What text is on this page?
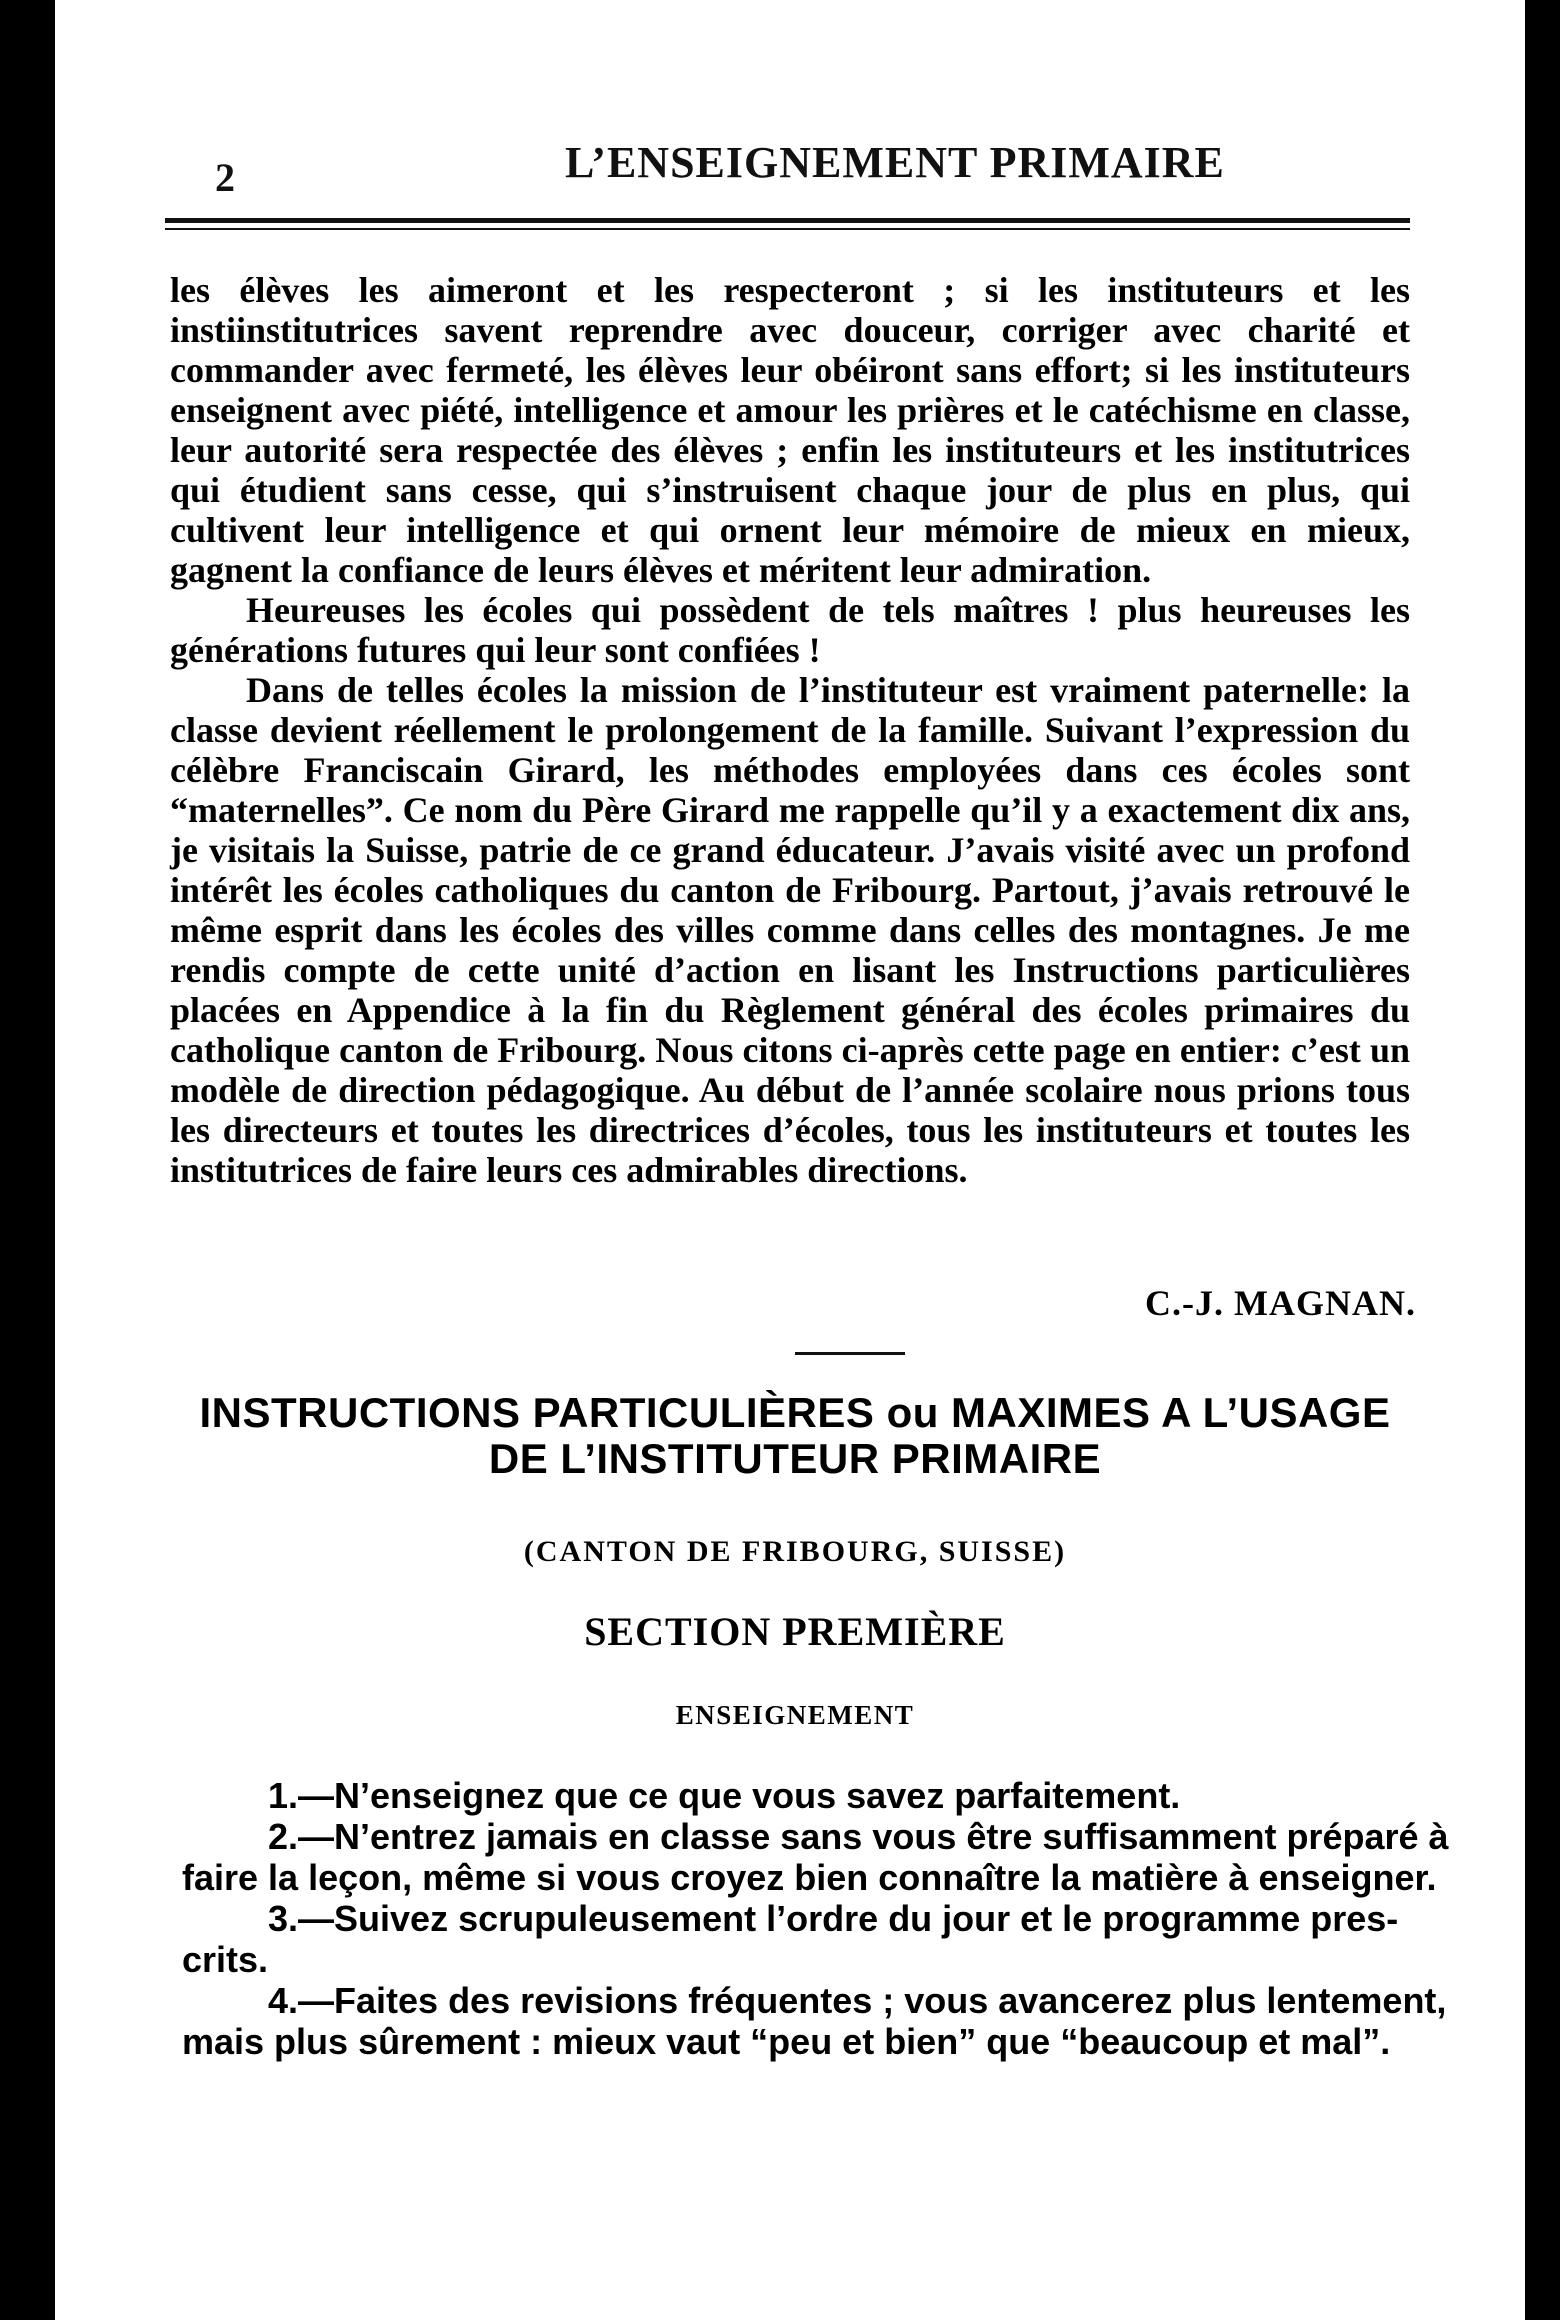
2	L’ENSEIGNEMENT PRIMAIRE

les élèves les aimeront et les respecteront ; si les instituteurs et les instiinstitutrices savent reprendre avec douceur, corriger avec charité et commander avec fermeté, les élèves leur obéiront sans effort; si les instituteurs enseignent avec piété, intelligence et amour les prières et le catéchisme en classe, leur autorité sera respectée des élèves ; enfin les instituteurs et les institutrices qui étudient sans cesse, qui s’instruisent chaque jour de plus en plus, qui cultivent leur intelligence et qui ornent leur mémoire de mieux en mieux, gagnent la confiance de leurs élèves et méritent leur admiration.

Heureuses les écoles qui possèdent de tels maîtres ! plus heureuses les générations futures qui leur sont confiées !

Dans de telles écoles la mission de l’instituteur est vraiment paternelle: la classe devient réellement le prolongement de la famille. Suivant l’expression du célèbre Franciscain Girard, les méthodes employées dans ces écoles sont “maternelles”. Ce nom du Père Girard me rappelle qu’il y a exactement dix ans, je visitais la Suisse, patrie de ce grand éducateur. J’avais visité avec un profond intérêt les écoles catholiques du canton de Fribourg. Partout, j’avais retrouvé le même esprit dans les écoles des villes comme dans celles des montagnes. Je me rendis compte de cette unité d’action en lisant les Instructions particulières placées en Appendice à la fin du Règlement général des écoles primaires du catholique canton de Fribourg. Nous citons ci-après cette page en entier: c’est un modèle de direction pédagogique. Au début de l’année scolaire nous prions tous les directeurs et toutes les directrices d’écoles, tous les instituteurs et toutes les institutrices de faire leurs ces admirables directions.

C.-J. MAGNAN.
INSTRUCTIONS PARTICULIÈRES ou MAXIMES A L’USAGE
DE L’INSTITUTEUR PRIMAIRE
(CANTON DE FRIBOURG, SUISSE)
SECTION PREMIÈRE
ENSEIGNEMENT

1.—N’enseignez que ce que vous savez parfaitement.

2.—N’entrez jamais en classe sans vous être suffisamment préparé à
faire la leçon, même si vous croyez bien connaître la matière à enseigner.

3.—Suivez scrupuleusement l’ordre du jour et le programme pres-
crits.

4.—Faites des revisions fréquentes ; vous avancerez plus lentement,
mais plus sûrement : mieux vaut “peu et bien” que “beaucoup et mal”.
